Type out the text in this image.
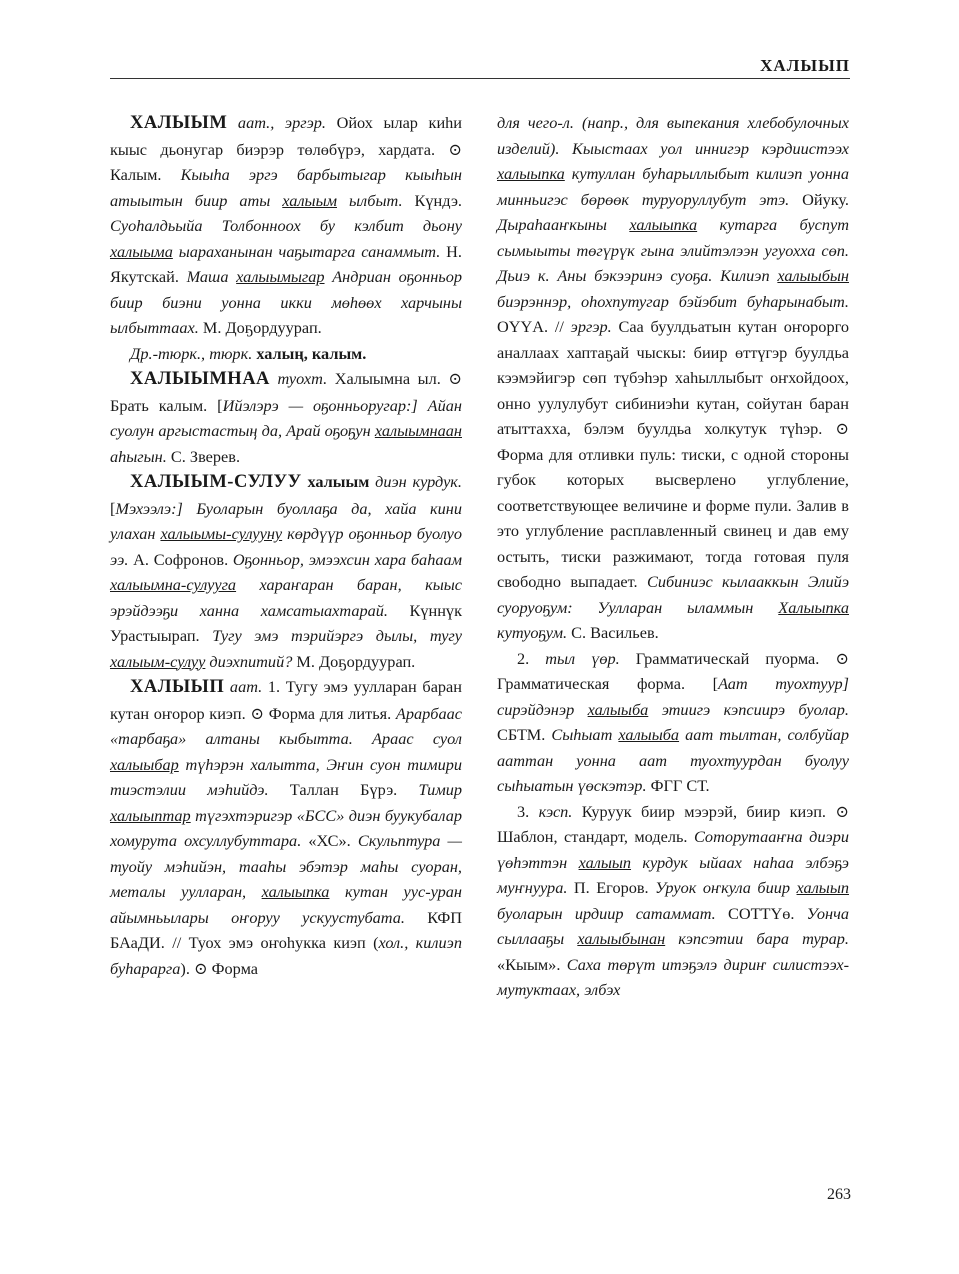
ХАЛЫЫП

ХАЛЫЫМ аат., эргэр. Ойох ылар киһи кыыс дьонугар биэрэр төлөбүрэ, хардата. ⊙ Калым. Кыыһа эргэ барбытыгар кыыһын атыытын биир аты халыым ылбыт. Күндэ. Суоһалдьыйа Толбонноох бу кэлбит дьону халыыма ыараханынан чаҕытарга санаммыт. Н. Якутскай. Маша халыымыгар Андриан оҕонньор биир биэни уонна икки мөһөөх харчыны ылбыттаах. М. Доҕордуурап.

Др.-тюрк., тюрк. халың, калым.

ХАЛЫЫМНАА туохт. Халыымна ыл. ⊙ Брать калым. [Ийэлэрэ — оҕонньоругар:] Айан суолун аргыстастың да, Арай оҕоҕун халыымнаан аһыгын. С. Зверев.

ХАЛЫЫМ-СУЛУУ халыым диэн курдук. [Мэхээлэ:] Буоларын буоллаҕа да, хайа кини улахан халыымы-сулууну көрдүүр оҕонньор буолуо ээ. А. Софронов. Оҕонньор, эмээхсин хара баһаам халыымна-сулууга хараҥаран баран, кыыс эрэйдээҕи ханна хамсатыахтарай. Күннүк Урастыырап. Тугу эмэ тэрийэргэ дылы, тугу халыым-сулуу диэхпитий? М. Доҕордуурап.

ХАЛЫЫП аат. 1. Тугу эмэ уулларан баран кутан оҥорор киэп. ⊙ Форма для литья. Арарбаас «тарбаҕа» алтаны кыбытта. Араас суол халыыбар түһэрэн халытта, Эҥин суон тимири тиэстэлии мэһийдэ. Таллан Бүрэ. Тимир халыыптар түгэхтэригэр «БСС» диэн буукубалар хомурута охсуллубуттара. «ХС». Скульптура — туойу мэһийэн, тааһы эбэтэр маһы суоран, металы уулларан, халыыпка кутан уус-уран айымньылары оҥоруу ускуустубата. КФП БАаДИ. // Туох эмэ оҥоһукка киэп (хол., килиэп буһарарга). ⊙ Форма

для чего-л. (напр., для выпекания хлебобулочных изделий). Кыыстаах уол иннигэр кэрдиистээх халыыпка кутуллан буһарыллыбыт килиэп уонна минньигэс бөрөөк туруоруллубут этэ. Ойуку. Дыраһааҥкыны халыыпка кутарга буспут сымыыты төгүрүк гына элийтэлээн угуохха сөп. Дьиэ к. Аны бэкээринэ суоҕа. Килиэп халыыбын биэрэннэр, оһохпутугар бэйэбит буһарынабыт. ОҮҮА. // эргэр. Саа буулдьатын кутан оҥорорго аналлаах хаптаҕай чыскы: биир өттүгэр буулдьа кээмэйигэр сөп түбэһэр хаһыллыбыт оҥхойдоох, онно уулулубут сибиниэһи кутан, сойутан баран атыттахха, бэлэм буулдьа холкутук түһэр. ⊙ Форма для отливки пуль: тиски, с одной стороны губок которых высверлено углубление, соответствующее величине и форме пули. Залив в это углубление расплавленный свинец и дав ему остыть, тиски разжимают, тогда готовая пуля свободно выпадает. Сибиниэс кылааккын Элийэ суоруоҕум: Уулларан ыламмын Халыыпка кутуоҕум. С. Васильев.

2. тыл үөр. Грамматическай пуорма. ⊙ Грамматическая форма. [Аат туохтуур] сирэйдэнэр халыыба этиигэ кэпсиирэ буолар. СБТМ. Сыһыат халыыба аат тылтан, солбуйар ааттан уонна аат туохтуурдан буолуу сыһыатын үөскэтэр. ФГГ СТ.

3. кэсп. Куруук биир мээрэй, биир киэп. ⊙ Шаблон, стандарт, модель. Соторутааҥна диэри үөһэттэн халыып курдук ыйаах наһаа элбэҕэ муҥнуура. П. Егоров. Уруок оҥкула биир халыып буоларын ирдиир сатаммат. СОТТҮө. Уонча сыллааҕы халыыбынан кэпсэтии бара турар. «Кыым». Саха төрүт итэҕэлэ дириҥ силистээх-мутуктаах, элбэх

263
